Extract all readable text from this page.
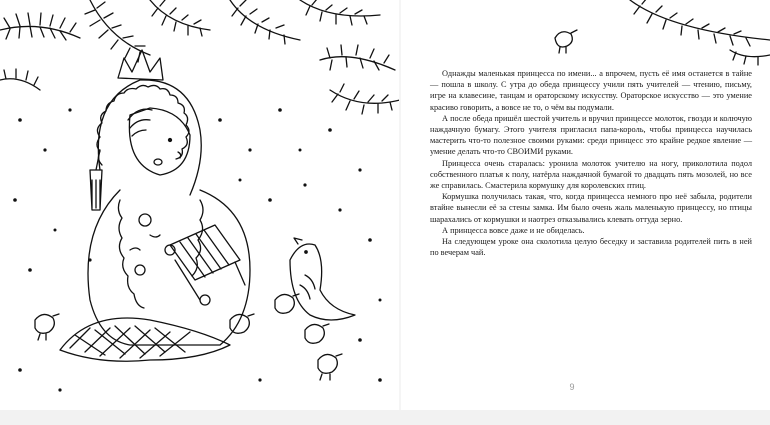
Однажды маленькая принцесса по имени... а впрочем, пусть её имя останется в тайне — пошла в школу. С утра до обеда принцессу учили пять учителей — чтению, письму, игре на клавесине, танцам и ораторскому искусству. Ораторское искусство — это умение красиво говорить, а вовсе не то, о чём вы подумали.

А после обеда пришёл шестой учитель и вручил принцессе молоток, гвозди и колючую наждачную бумагу. Этого учителя пригласил папа-король, чтобы принцесса научилась мастерить что-то полезное своими руками: среди принцесс это крайне редкое явление — умение делать что-то СВОИМИ руками.

Принцесса очень старалась: уронила молоток учителю на ногу, приколотила подол собственного платья к полу, натёрла наждачной бумагой то двадцать пять мозолей, но все же справилась. Смастерила кормушку для королевских птиц.

Кормушка получилась такая, что, когда принцесса немного про неё забыла, родители втайне вынесли её за стены замка. Им было очень жаль маленькую принцессу, но птицы шарахались от кормушки и наотрез отказывались клевать оттуда зерно.

А принцесса вовсе даже и не обиделась.

На следующем уроке она сколотила целую беседку и заставила родителей пить в ней по вечерам чай.

9
